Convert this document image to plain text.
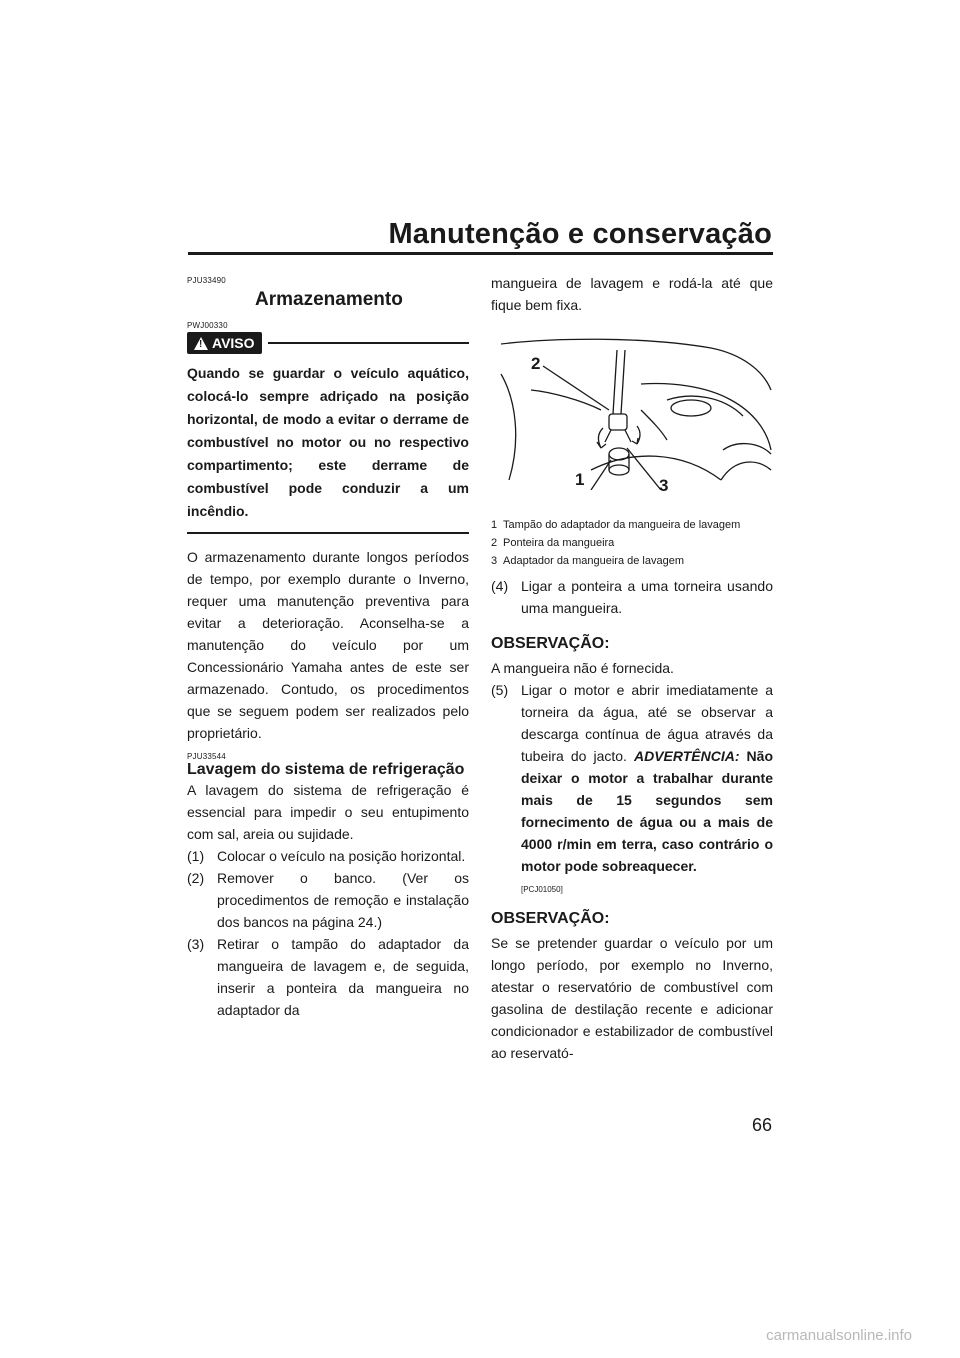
Manutenção e conservação
PJU33490
Armazenamento
PWJ00330
! AVISO

Quando se guardar o veículo aquático, colocá-lo sempre adriçado na posição horizontal, de modo a evitar o derrame de combustível no motor ou no respectivo compartimento; este derrame de combustível pode conduzir a um incêndio.

O armazenamento durante longos períodos de tempo, por exemplo durante o Inverno, requer uma manutenção preventiva para evitar a deterioração. Aconselha-se a manutenção do veículo por um Concessionário Yamaha antes de este ser armazenado. Contudo, os procedimentos que se seguem podem ser realizados pelo proprietário.

PJU33544
Lavagem do sistema de refrigeração

A lavagem do sistema de refrigeração é essencial para impedir o seu entupimento com sal, areia ou sujidade.

(1) Colocar o veículo na posição horizontal.
(2) Remover o banco. (Ver os procedimentos de remoção e instalação dos bancos na página 24.)
(3) Retirar o tampão do adaptador da mangueira de lavagem e, de seguida, inserir a ponteira da mangueira no adaptador da

mangueira de lavagem e rodá-la até que fique bem fixa.

2
1	3
1 Tampão do adaptador da mangueira de lavagem
2 Ponteira da mangueira
3 Adaptador da mangueira de lavagem
(4) Ligar a ponteira a uma torneira usando uma mangueira.
OBSERVAÇÃO:

A mangueira não é fornecida.

(5) Ligar o motor e abrir imediatamente a torneira da água, até se observar a descarga contínua de água através da tubeira do jacto. ADVERTÊNCIA: Não deixar o motor a trabalhar durante mais de 15 segundos sem fornecimento de água ou a mais de 4000 r/min em terra, caso contrário o motor pode sobreaquecer.
[PCJ01050]
OBSERVAÇÃO:

Se se pretender guardar o veículo por um longo período, por exemplo no Inverno, atestar o reservatório de combustível com gasolina de destilação recente e adicionar condicionador e estabilizador de combustível ao reservató-

66
carmanualsonline.info
